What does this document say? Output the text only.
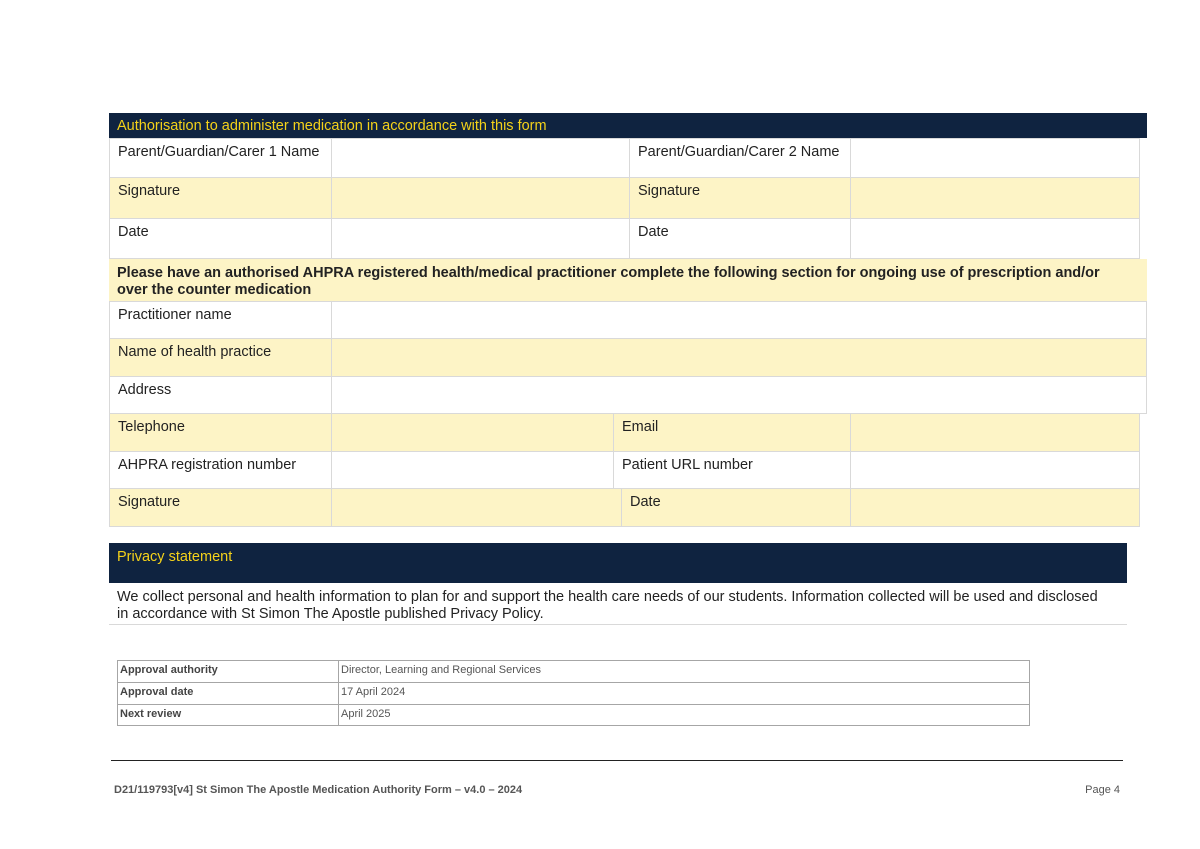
Authorisation to administer medication in accordance with this form
Parent/Guardian/Carer 1 Name	Parent/Guardian/Carer 2 Name
Signature	Signature
Date	Date
Please have an authorised AHPRA registered health/medical practitioner complete the following section for ongoing use of prescription and/or over the counter medication
Practitioner name
Name of health practice
Address
Telephone	Email
AHPRA registration number	Patient URL number
Signature	Date
Privacy statement
We collect personal and health information to plan for and support the health care needs of our students. Information collected will be used and disclosed in accordance with St Simon The Apostle published Privacy Policy.
Approval authority	Director, Learning and Regional Services
Approval date	17 April 2024
Next review	April 2025
D21/119793[v4] St Simon The Apostle Medication Authority Form – v4.0 – 2024	Page 4
